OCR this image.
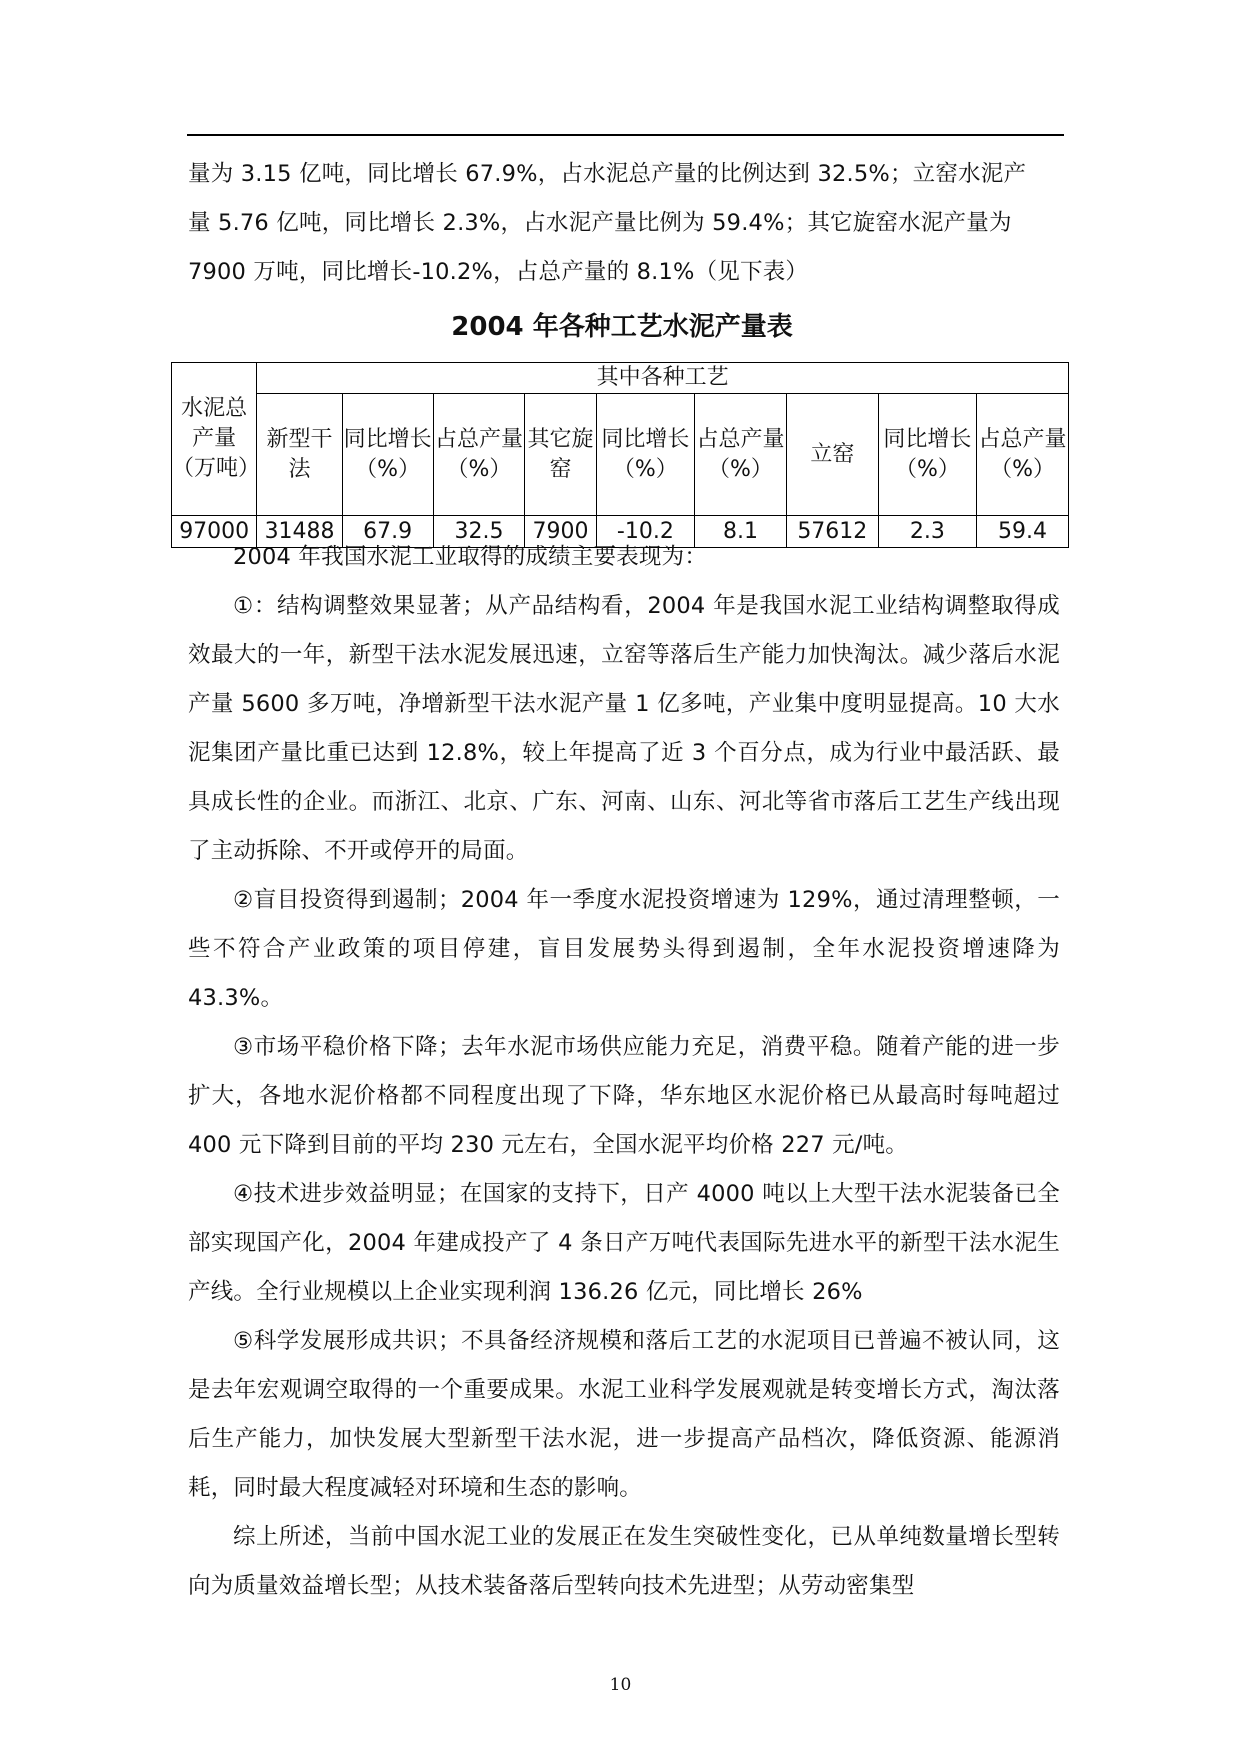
量为 3.15 亿吨，同比增长 67.9%，占水泥总产量的比例达到 32.5%；立窑水泥产

量 5.76 亿吨，同比增长 2.3%，占水泥产量比例为 59.4%；其它旋窑水泥产量为

7900 万吨，同比增长-10.2%，占总产量的 8.1%（见下表）

2004 年各种工艺水泥产量表
水泥总产量（万吨）	其中各种工艺								
	新型干法	同比增长（%）	占总产量（%）	其它旋窑	同比增长（%）	占总产量（%）	立窑	同比增长（%）	占总产量（%）
97000	31488	67.9	32.5	7900	-10.2	8.1	57612	2.3	59.4

2004 年我国水泥工业取得的成绩主要表现为：

①：结构调整效果显著；从产品结构看，2004 年是我国水泥工业结构调整取得成效最大的一年，新型干法水泥发展迅速，立窑等落后生产能力加快淘汰。减少落后水泥产量 5600 多万吨，净增新型干法水泥产量 1 亿多吨，产业集中度明显提高。10 大水泥集团产量比重已达到 12.8%，较上年提高了近 3 个百分点，成为行业中最活跃、最具成长性的企业。而浙江、北京、广东、河南、山东、河北等省市落后工艺生产线出现了主动拆除、不开或停开的局面。

②盲目投资得到遏制；2004 年一季度水泥投资增速为 129%，通过清理整顿，一些不符合产业政策的项目停建，盲目发展势头得到遏制，全年水泥投资增速降为 43.3%。

③市场平稳价格下降；去年水泥市场供应能力充足，消费平稳。随着产能的进一步扩大，各地水泥价格都不同程度出现了下降，华东地区水泥价格已从最高时每吨超过 400 元下降到目前的平均 230 元左右，全国水泥平均价格 227 元/吨。

④技术进步效益明显；在国家的支持下，日产 4000 吨以上大型干法水泥装备已全部实现国产化，2004 年建成投产了 4 条日产万吨代表国际先进水平的新型干法水泥生产线。全行业规模以上企业实现利润 136.26 亿元，同比增长 26%

⑤科学发展形成共识；不具备经济规模和落后工艺的水泥项目已普遍不被认同，这是去年宏观调空取得的一个重要成果。水泥工业科学发展观就是转变增长方式，淘汰落后生产能力，加快发展大型新型干法水泥，进一步提高产品档次，降低资源、能源消耗，同时最大程度减轻对环境和生态的影响。

综上所述，当前中国水泥工业的发展正在发生突破性变化，已从单纯数量增长型转向为质量效益增长型；从技术装备落后型转向技术先进型；从劳动密集型

10
